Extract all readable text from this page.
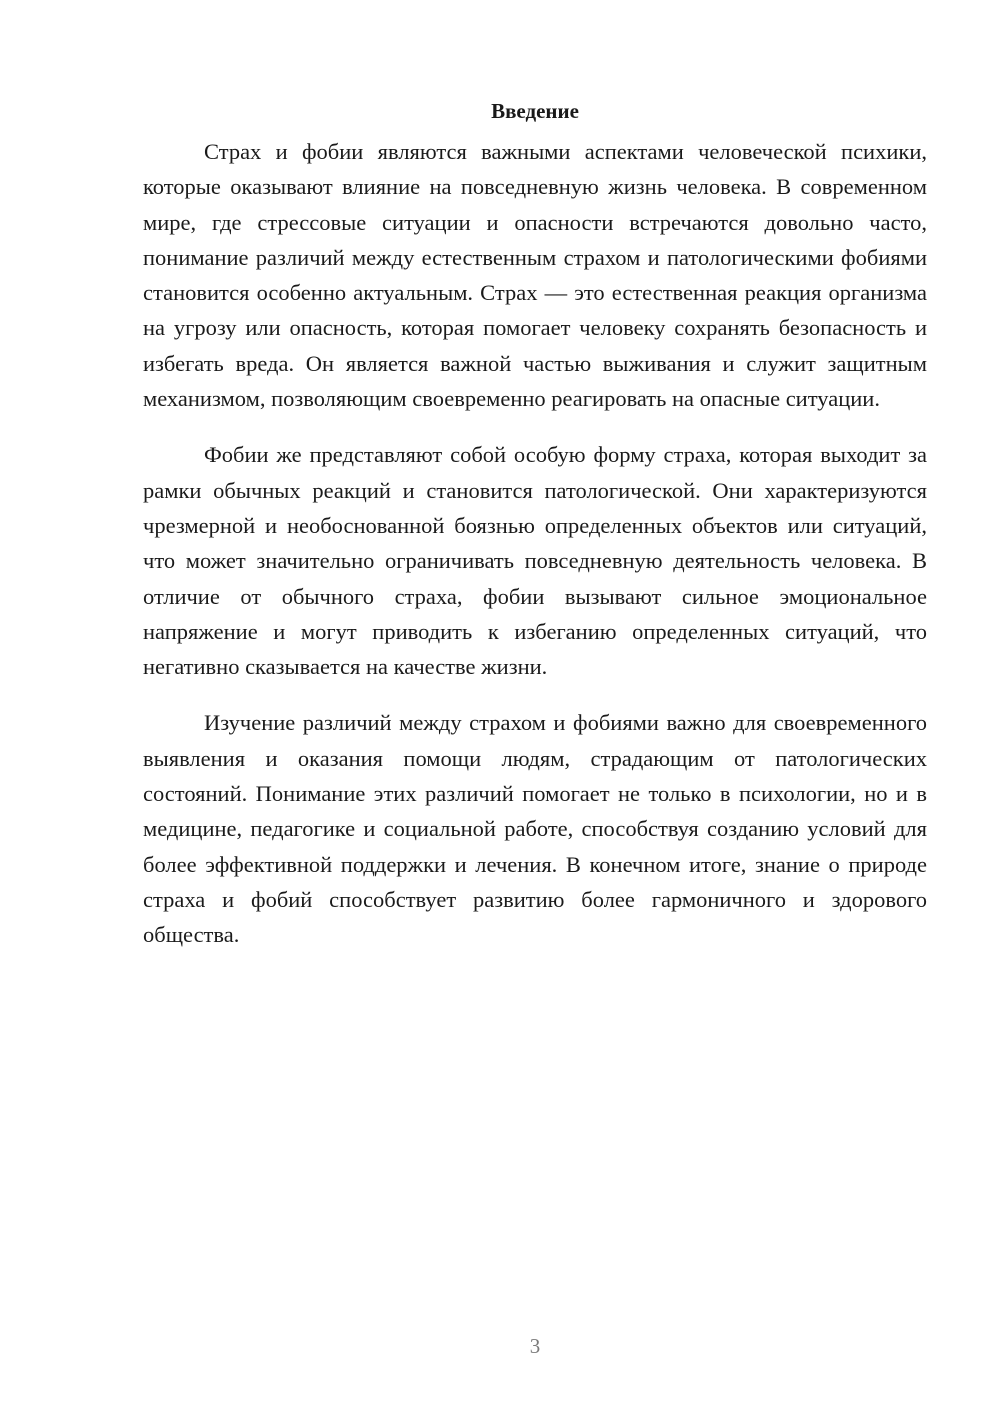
Введение

Страх и фобии являются важными аспектами человеческой психики, которые оказывают влияние на повседневную жизнь человека. В современном мире, где стрессовые ситуации и опасности встречаются довольно часто, понимание различий между естественным страхом и патологическими фобиями становится особенно актуальным. Страх — это естественная реакция организма на угрозу или опасность, которая помогает человеку сохранять безопасность и избегать вреда. Он является важной частью выживания и служит защитным механизмом, позволяющим своевременно реагировать на опасные ситуации.

Фобии же представляют собой особую форму страха, которая выходит за рамки обычных реакций и становится патологической. Они характеризуются чрезмерной и необоснованной боязнью определенных объектов или ситуаций, что может значительно ограничивать повседневную деятельность человека. В отличие от обычного страха, фобии вызывают сильное эмоциональное напряжение и могут приводить к избеганию определенных ситуаций, что негативно сказывается на качестве жизни.

Изучение различий между страхом и фобиями важно для своевременного выявления и оказания помощи людям, страдающим от патологических состояний. Понимание этих различий помогает не только в психологии, но и в медицине, педагогике и социальной работе, способствуя созданию условий для более эффективной поддержки и лечения. В конечном итоге, знание о природе страха и фобий способствует развитию более гармоничного и здорового общества.

3
